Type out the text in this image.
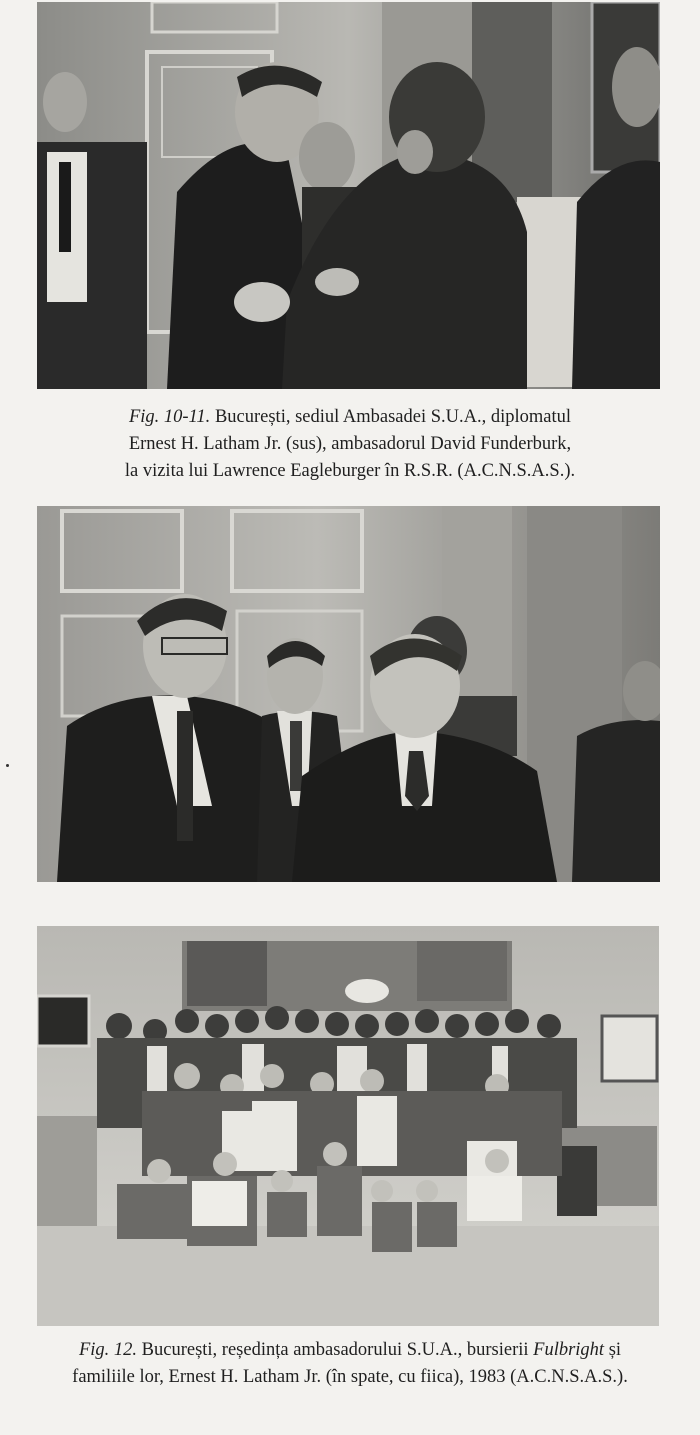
Fig. 10-11. București, sediul Ambasadei S.U.A., diplomatul
Ernest H. Latham Jr. (sus), ambasadorul David Funderburk,
la vizita lui Lawrence Eagleburger în R.S.R. (A.C.N.S.A.S.).
Fig. 12. București, reședința ambasadorului S.U.A., bursierii Fulbright și
familiile lor, Ernest H. Latham Jr. (în spate, cu fiica), 1983 (A.C.N.S.A.S.).
